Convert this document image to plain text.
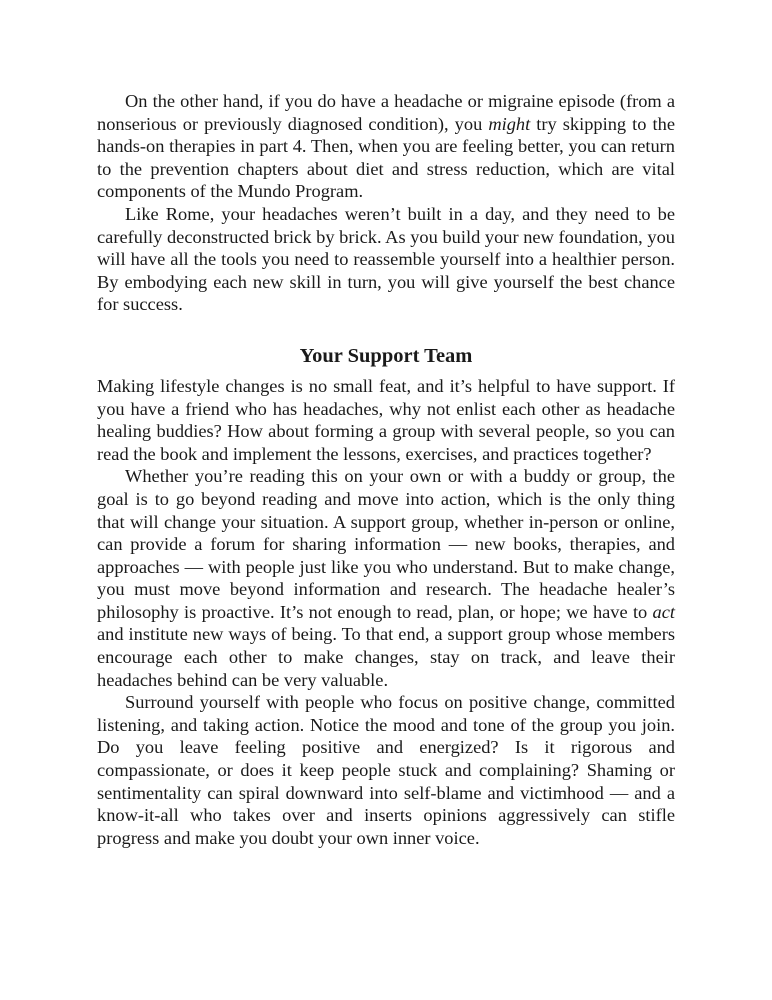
On the other hand, if you do have a headache or migraine episode (from a nonserious or previously diagnosed condition), you might try skipping to the hands-on therapies in part 4. Then, when you are feeling better, you can return to the prevention chapters about diet and stress reduction, which are vital components of the Mundo Program.

Like Rome, your headaches weren’t built in a day, and they need to be carefully deconstructed brick by brick. As you build your new foundation, you will have all the tools you need to reassemble yourself into a healthier person. By embodying each new skill in turn, you will give yourself the best chance for success.

Your Support Team

Making lifestyle changes is no small feat, and it’s helpful to have support. If you have a friend who has headaches, why not enlist each other as headache healing buddies? How about forming a group with several people, so you can read the book and implement the lessons, exercises, and practices together?

Whether you’re reading this on your own or with a buddy or group, the goal is to go beyond reading and move into action, which is the only thing that will change your situation. A support group, whether in-person or online, can provide a forum for sharing information — new books, therapies, and approaches — with people just like you who understand. But to make change, you must move beyond information and research. The headache healer’s philosophy is proactive. It’s not enough to read, plan, or hope; we have to act and institute new ways of being. To that end, a support group whose members encourage each other to make changes, stay on track, and leave their headaches behind can be very valuable.

Surround yourself with people who focus on positive change, committed listening, and taking action. Notice the mood and tone of the group you join. Do you leave feeling positive and energized? Is it rigorous and compassionate, or does it keep people stuck and complaining? Shaming or sentimentality can spiral downward into self-blame and victimhood — and a know-it-all who takes over and inserts opinions aggressively can stifle progress and make you doubt your own inner voice.
